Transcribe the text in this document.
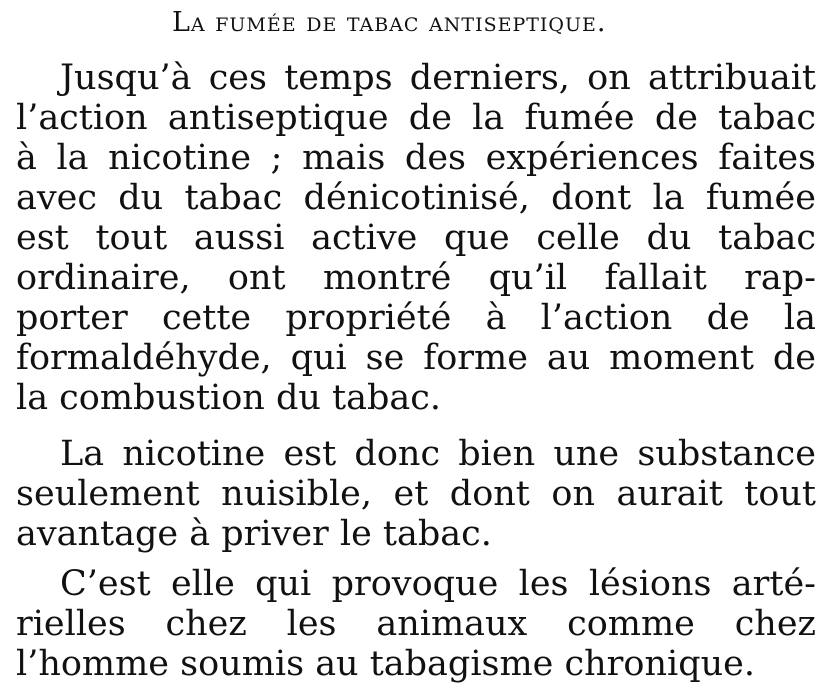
La fumée de tabac antiseptique.
Jusqu’à ces temps derniers, on attribuait
l’action antiseptique de la fumée de tabac
à la nicotine ; mais des expériences faites
avec du tabac dénicotinisé, dont la fumée
est tout aussi active que celle du tabac
ordinaire, ont montré qu’il fallait rap-
porter cette propriété à l’action de la
formaldéhyde, qui se forme au moment de
la combustion du tabac.
La nicotine est donc bien une substance
seulement nuisible, et dont on aurait tout
avantage à priver le tabac.
C’est elle qui provoque les lésions arté-
rielles chez les animaux comme chez
l’homme soumis au tabagisme chronique.
